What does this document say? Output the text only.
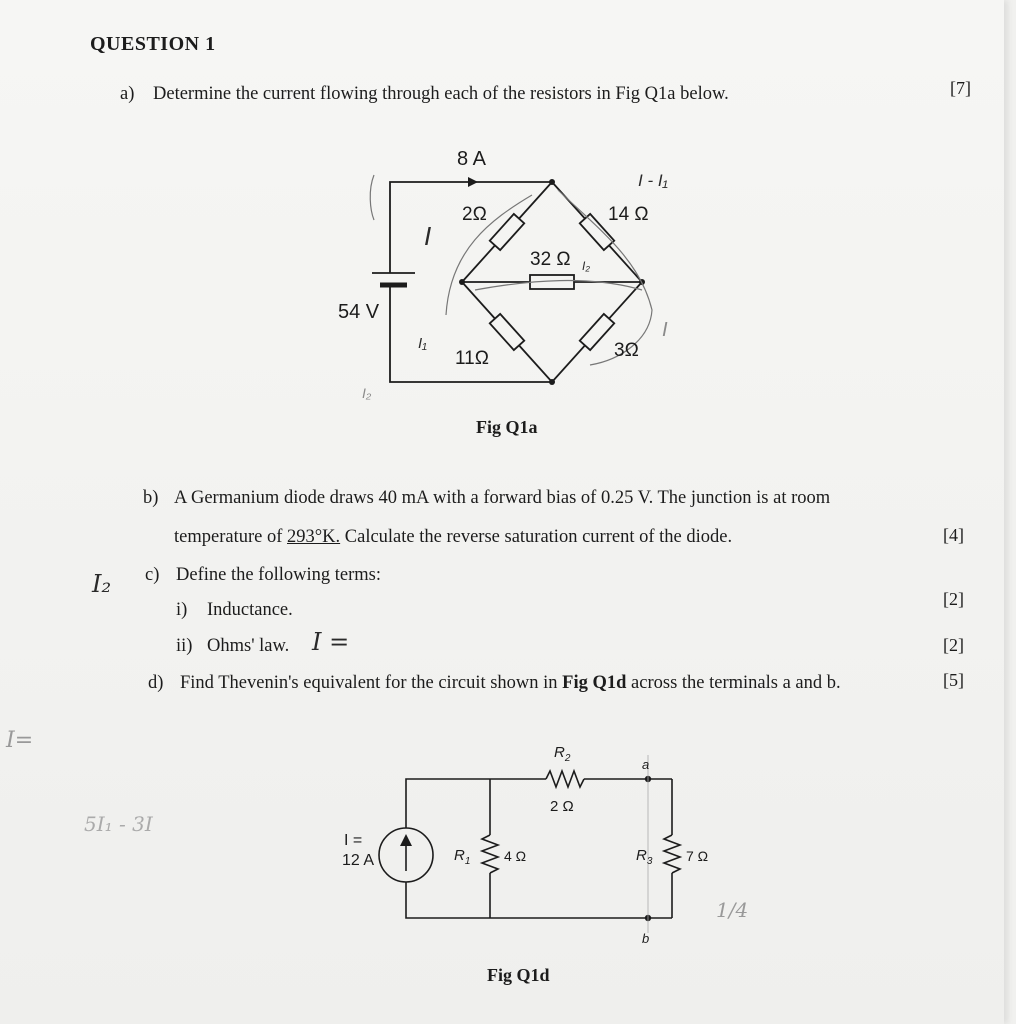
QUESTION 1
a) Determine the current flowing through each of the resistors in Fig Q1a below.	[7]
8 A
2Ω	14 Ω
32 Ω
11Ω	3Ω
54 V
I
I₁
I - I₁
I₂
I
I₂
Fig Q1a
b) A Germanium diode draws 40 mA with a forward bias of 0.25 V. The junction is at room
temperature of 293°K. Calculate the reverse saturation current of the diode.	[4]
c) Define the following terms:
i) Inductance.
[2]
ii) Ohms' law. I =	[2]
d) Find Thevenin's equivalent for the circuit shown in Fig Q1d across the terminals a and b.	[5]
I =
12 A	$R_1$ 4 Ω
$R_2$
2 Ω
$R_3$ 7 Ω
a
b
Fig Q1d
I₂
I=
5I₁ - 3I
1/4
